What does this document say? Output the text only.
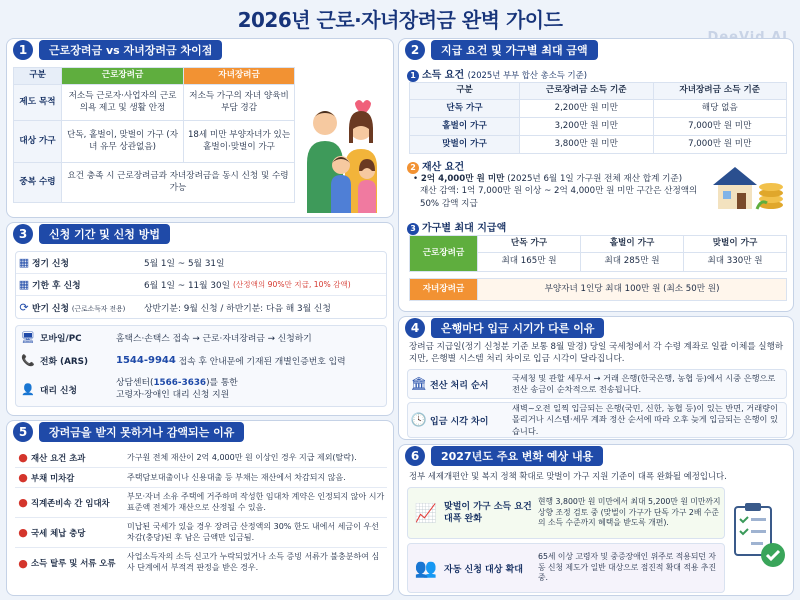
2026년 근로·자녀장려금 완벽 가이드
1	근로장려금 vs 자녀장려금 차이점
구분	근로장려금	자녀장려금
제도 목적	저소득 근로자·사업자의 근로 의욕 제고 및 생활 안정	저소득 가구의 자녀 양육비 부담 경감
대상 가구	단독, 홑벌이, 맞벌이 가구 (자녀 유무 상관없음)	18세 미만 부양자녀가 있는 홑벌이·맞벌이 가구
중복 수령	요건 충족 시 근로장려금과 자녀장려금을 동시 신청 및 수령 가능	
2	지급 요건 및 가구별 최대 금액
1 소득 요건 (2025년 부부 합산 총소득 기준)
구분	근로장려금 소득 기준	자녀장려금 소득 기준
단독 가구	2,200만 원 미만	해당 없음
홑벌이 가구	3,200만 원 미만	7,000만 원 미만
맞벌이 가구	3,800만 원 미만	7,000만 원 미만
2 재산 요건
• 2억 4,000만 원 미만 (2025년 6월 1일 가구원 전체 재산 합계 기준)
재산 감액: 1억 7,000만 원 이상 ~ 2억 4,000만 원 미만 구간은 산정액의 50% 감액 지급
3 가구별 최대 지급액
근로장려금	단독 가구	홑벌이 가구	맞벌이 가구
	최대 165만 원	최대 285만 원	최대 330만 원
자녀장려금	부양자녀 1인당 최대 100만 원 (최소 50만 원)
3	신청 기간 및 신청 방법
▦ 정기 신청	5월 1일 ~ 5월 31일
▦ 기한 후 신청	6월 1일 ~ 11월 30일
(산정액의 90%만 지급, 10% 감액)
⟳ 반기 신청 (근로소득자 전용)	상반기분: 9월 신청 / 하반기분: 다음 해 3월 신청
🖥 모바일/PC	홈택스·손택스 접속 → 근로·자녀장려금 → 신청하기
📞 전화 (ARS)	1544-9944
접속 후 안내문에 기재된 개별인증번호 입력
👤 대리 신청
상담센터(1566-3636)를 통한
고령자·장애인 대리 신청 지원
4	은행마다 입금 시기가 다른 이유
장려금 지급일(정기 신청분 기준 보통 8월 말경) 당일 국세청에서 각 수령 계좌로 일괄 이체를 실행하지만, 은행별 시스템 처리 차이로 입금 시각이 달라집니다.
🏛 전산 처리 순서
국세청 및 관할 세무서 → 거래 은행(한국은행, 농협 등)에서 시중 은행으로 전산 송금이 순차적으로 전송됩니다.
🕓 입금 시각 차이
새벽~오전 일찍 입금되는 은행(국민, 신한, 농협 등)이 있는 반면, 거래량이 몰리거나 시스템·세무 계좌 정산 순서에 따라 오후 늦게 입금되는 은행이 있습니다.
5	장려금을 받지 못하거나 감액되는 이유
● 재산 요건 초과	가구원 전체 재산이 2억 4,000만 원 이상인 경우 지급 제외(탈락).
● 부채 미차감	주택담보대출이나 신용대출 등 부채는 재산에서 차감되지 않음.
● 직계존비속 간 임대차
부모·자녀 소유 주택에 거주하며 작성한 임대차 계약은 인정되지 않아 시가표준액 전체가 재산으로 산정될 수 있음.
● 국세 체납 충당
미납된 국세가 있을 경우 장려금 산정액의 30% 한도 내에서 세금이 우선 차감(충당)된 후 남은 금액만 입금됨.
● 소득 탈루 및 서류 오류
사업소득자의 소득 신고가 누락되었거나 소득 증빙 서류가 불충분하여 심사 단계에서 부적격 판정을 받은 경우.
6	2027년도 주요 변화 예상 내용
정부 세제개편안 및 복지 정책 확대로 맞벌이 가구 지원 기준이 대폭 완화될 예정입니다.
📈 맞벌이 가구 소득 요건 대폭 완화
현행 3,800만 원 미만에서 최대 5,200만 원 미만까지 상향 조정 검토 중 (맞벌이 가구가 단독 가구 2배 수준의 소득 수준까지 혜택을 받도록 개편).
👥 자동 신청 대상 확대
65세 이상 고령자 및 중증장애인 위주로 적용되던 자동 신청 제도가 일반 대상으로 점진적 확대 적용 추진 중.
